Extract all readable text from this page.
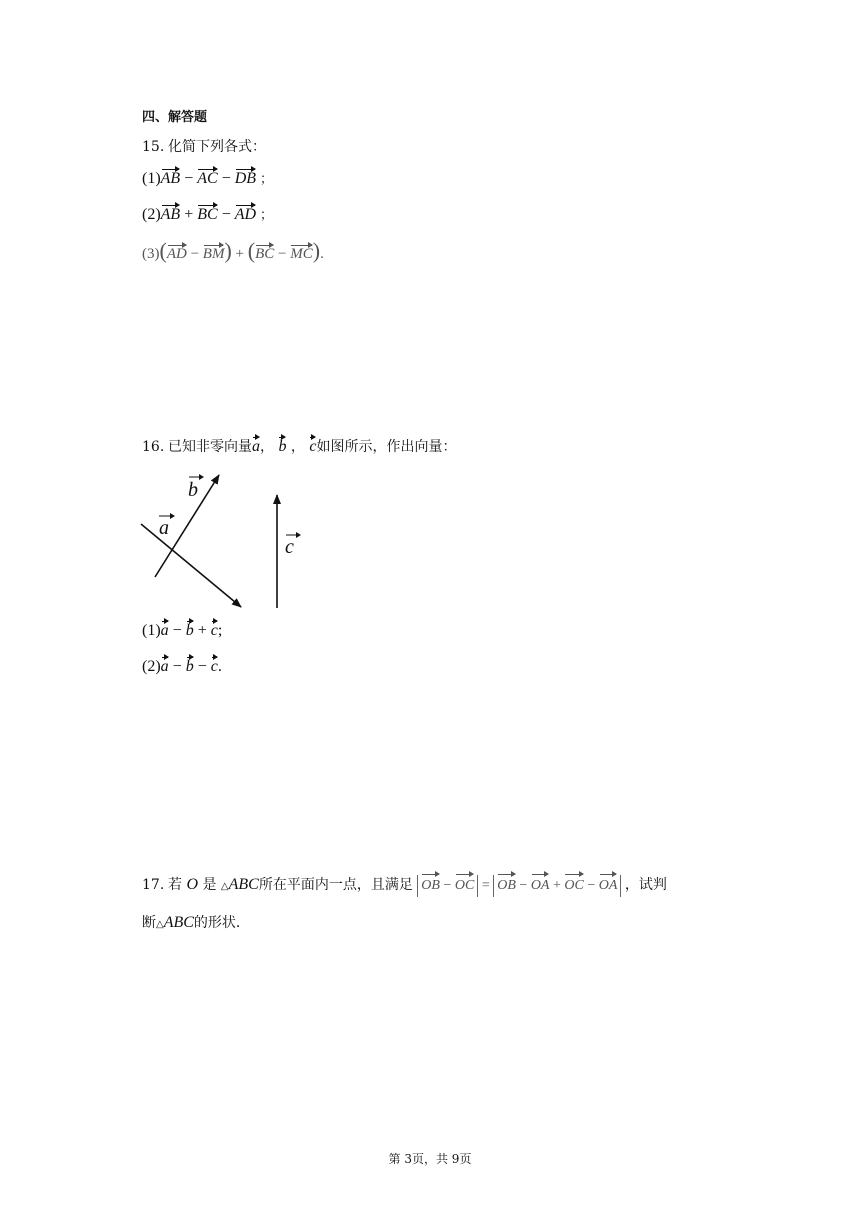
四、解答题
15. 化简下列各式：
(1)AB − AC − DB ；
(2)AB + BC − AD ；
(3)(AD − BM) + (BC − MC).
16. 已知非零向量a， b ， c如图所示，作出向量：
a
b
c
(1)a − b + c;
(2)a − b − c.
17. 若 O 是 △ABC所在平面内一点，且满足 OB − OC = OB − OA + OC − OA ，试判
断△ABC的形状．
第 3页，共 9页
